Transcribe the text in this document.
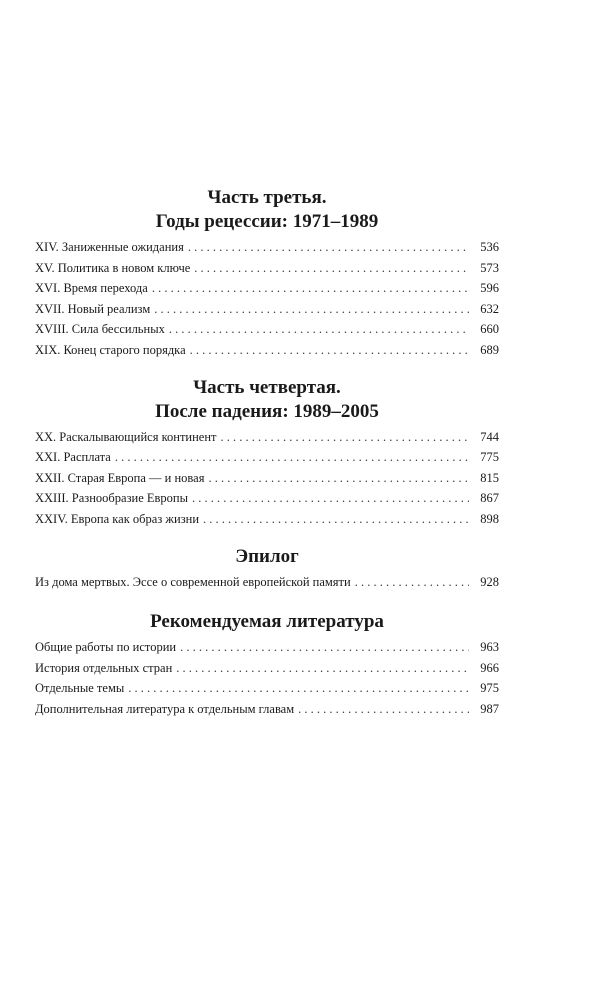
Часть третья.
Годы рецессии: 1971–1989
XIV. Заниженные ожидания . . .	536
XV. Политика в новом ключе . . .	573
XVI. Время перехода . . .	596
XVII. Новый реализм . . .	632
XVIII. Сила бессильных . . .	660
XIX. Конец старого порядка . . .	689
Часть четвертая.
После падения: 1989–2005
XX. Раскалывающийся континент . . .	744
XXI. Расплата . . .	775
XXII. Старая Европа — и новая . . .	815
XXIII. Разнообразие Европы . . .	867
XXIV. Европа как образ жизни . . .	898
Эпилог
Из дома мертвых. Эссе о современной европейской памяти . . .	928
Рекомендуемая литература
Общие работы по истории . . .	963
История отдельных стран . . .	966
Отдельные темы . . .	975
Дополнительная литература к отдельным главам . . .	987
